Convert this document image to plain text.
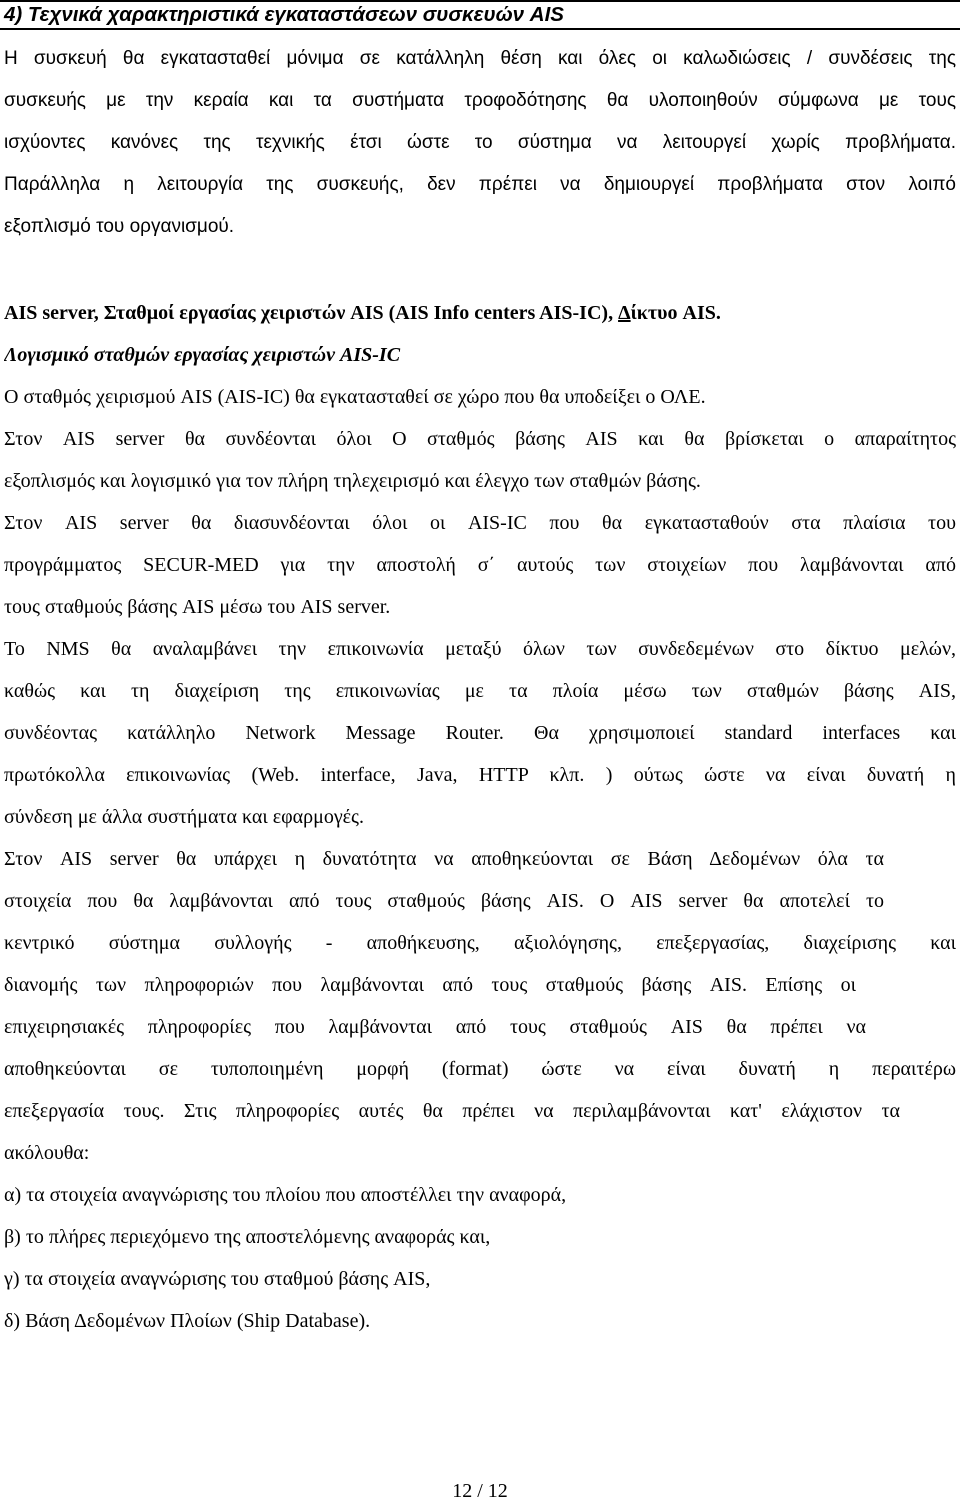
4) Τεχνικά χαρακτηριστικά εγκαταστάσεων συσκευών AIS
Η συσκευή θα εγκατασταθεί μόνιμα σε κατάλληλη θέση και όλες οι καλωδιώσεις / συνδέσεις της
συσκευής με την κεραία και τα συστήματα τροφοδότησης θα υλοποιηθούν σύμφωνα με τους
ισχύοντες κανόνες της τεχνικής έτσι ώστε το σύστημα να λειτουργεί χωρίς προβλήματα.
Παράλληλα η λειτουργία της συσκευής, δεν πρέπει να δημιουργεί προβλήματα στον λοιπό
εξοπλισμό του οργανισμού.
AIS server, Σταθμοί εργασίας χειριστών AIS (AIS Info centers AIS-IC), Δίκτυο AIS.
Λογισμικό σταθμών εργασίας χειριστών AIS-IC
Ο σταθμός χειρισμού AIS (AIS-IC) θα εγκατασταθεί σε χώρο που θα υποδείξει ο ΟΛΕ.
Στον AIS server θα συνδέονται όλοι Ο σταθμός βάσης AIS και θα βρίσκεται ο απαραίτητος
εξοπλισμός και λογισμικό για τον πλήρη τηλεχειρισμό και έλεγχο των σταθμών βάσης.
Στον AIS server θα διασυνδέονται όλοι οι AIS-IC που θα εγκατασταθούν στα πλαίσια του
προγράμματος SECUR-MED για την αποστολή σ΄ αυτούς των στοιχείων που λαμβάνονται από
τους σταθμούς βάσης AIS μέσω του AIS server.
Το NMS θα αναλαμβάνει την επικοινωνία μεταξύ όλων των συνδεδεμένων στο δίκτυο μελών,
καθώς και τη διαχείριση της επικοινωνίας με τα πλοία μέσω των σταθμών βάσης AIS,
συνδέοντας κατάλληλο Network Message Router. Θα χρησιμοποιεί standard interfaces και
πρωτόκολλα επικοινωνίας (Web. interface, Java, HTTP κλπ. ) ούτως ώστε να είναι δυνατή η
σύνδεση με άλλα συστήματα και εφαρμογές.
Στον AIS server θα υπάρχει η δυνατότητα να αποθηκεύονται σε Βάση Δεδομένων όλα τα
στοιχεία που θα λαμβάνονται από τους σταθμούς βάσης AIS. Ο AIS server θα αποτελεί το
κεντρικό σύστημα συλλογής - αποθήκευσης, αξιολόγησης, επεξεργασίας, διαχείρισης και
διανομής των πληροφοριών που λαμβάνονται από τους σταθμούς βάσης AIS. Επίσης οι
επιχειρησιακές πληροφορίες που λαμβάνονται από τους σταθμούς AIS θα πρέπει να
αποθηκεύονται σε τυποποιημένη μορφή (format) ώστε να είναι δυνατή η περαιτέρω
επεξεργασία τους. Στις πληροφορίες αυτές θα πρέπει να περιλαμβάνονται κατ' ελάχιστον τα
ακόλουθα:
α) τα στοιχεία αναγνώρισης του πλοίου που αποστέλλει την αναφορά,
β) το πλήρες περιεχόμενο της αποστελόμενης αναφοράς και,
γ) τα στοιχεία αναγνώρισης του σταθμού βάσης AIS,
δ) Βάση Δεδομένων Πλοίων (Ship Database).
12 / 12
